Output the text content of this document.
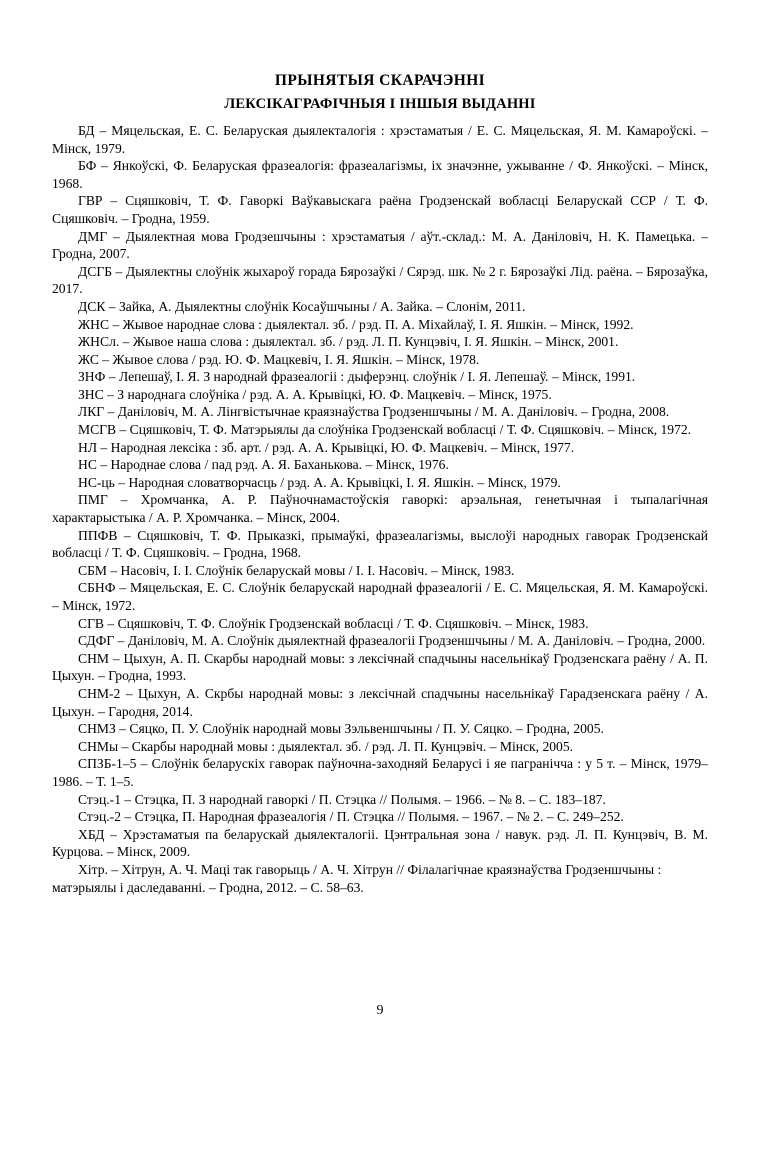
ПРЫНЯТЫЯ СКАРАЧЭННI
ЛЕКСІКАГРАФІЧНЫЯ І ІНШЫЯ ВЫДАННI

БД – Мяцельская, Е. С. Беларуская дыялекталогія : хрэстаматыя / Е. С. Мяцельская, Я. М. Камароўскі. – Мінск, 1979.

БФ – Янкоўскі, Ф. Беларуская фразеалогія: фразеалагізмы, іх значэнне, ужыванне / Ф. Янкоўскі. – Мінск, 1968.

ГВР – Сцяшковіч, Т. Ф. Гаворкі Ваўкавыскага раёна Гродзенскай вобласці Беларускай ССР / Т. Ф. Сцяшковіч. – Гродна, 1959.

ДМГ – Дыялектная мова Гродзешчыны : хрэстаматыя / аўт.-склад.: М. А. Даніловіч, Н. К. Памецька. – Гродна, 2007.

ДСГБ – Дыялектны слоўнік жыхароў горада Бярозаўкі / Сярэд. шк. № 2 г. Бярозаўкі Лід. раёна. – Бярозаўка, 2017.

ДСК – Зайка, А. Дыялектны слоўнік Косаўшчыны / А. Зайка. – Слонім, 2011.

ЖНС – Жывое народнае слова : дыялектал. зб. / рэд. П. А. Міхайлаў, І. Я. Яшкін. – Мінск, 1992.

ЖНСл. – Жывое наша слова : дыялектал. зб. / рэд. Л. П. Кунцэвіч, І. Я. Яшкін. – Мінск, 2001.

ЖС – Жывое слова / рэд. Ю. Ф. Мацкевіч, І. Я. Яшкін. – Мінск, 1978.

ЗНФ – Лепешаў, І. Я. З народнай фразеалогіі : дыферэнц. слоўнік / І. Я. Лепешаў. – Мінск, 1991.

ЗНС – З народнага слоўніка / рэд. А. А. Крывіцкі, Ю. Ф. Мацкевіч. – Мінск, 1975.

ЛКГ – Даніловіч, М. А. Лінгвістычнае краязнаўства Гродзеншчыны / М. А. Даніловіч. – Гродна, 2008.

МСГВ – Сцяшковіч, Т. Ф. Матэрыялы да слоўніка Гродзенскай вобласці / Т. Ф. Сцяшковіч. – Мінск, 1972.

НЛ – Народная лексіка : зб. арт. / рэд. А. А. Крывіцкі, Ю. Ф. Мацкевіч. – Мінск, 1977.

НС – Народнае слова / пад рэд. А. Я. Баханькова. – Мінск, 1976.

НС-ць – Народная словатворчасць / рэд. А. А. Крывіцкі, І. Я. Яшкін. – Мінск, 1979.

ПМГ – Хромчанка, А. Р. Паўночнамастоўскія гаворкі: арэальная, генетычная і тыпалагічная характарыстыка / А. Р. Хромчанка. – Мінск, 2004.

ППФВ – Сцяшковіч, Т. Ф. Прыказкі, прымаўкі, фразеалагізмы, выслоўі народных гаворак Гродзенскай вобласці / Т. Ф. Сцяшковіч. – Гродна, 1968.

СБМ – Насовіч, І. І. Слоўнік беларускай мовы / І. І. Насовіч. – Мінск, 1983.

СБНФ – Мяцельская, Е. С. Слоўнік беларускай народнай фразеалогіі / Е. С. Мяцельская, Я. М. Камароўскі. – Мінск, 1972.

СГВ – Сцяшковіч, Т. Ф. Слоўнік Гродзенскай вобласці / Т. Ф. Сцяшковіч. – Мінск, 1983.

СДФГ – Даніловіч, М. А. Слоўнік дыялектнай фразеалогіі Гродзеншчыны / М. А. Даніловіч. – Гродна, 2000.

СНМ – Цыхун, А. П. Скарбы народнай мовы: з лексічнай спадчыны насельнікаў Гродзенскага раёну / А. П. Цыхун. – Гродна, 1993.

СНМ-2 – Цыхун, А. Скрбы народнай мовы: з лексічнай спадчыны насельнікаў Гарадзенскага раёну / А. Цыхун. – Гародня, 2014.

СНМЗ – Сяцко, П. У. Слоўнік народнай мовы Зэльвеншчыны / П. У. Сяцко. – Гродна, 2005.

СНМы – Скарбы народнай мовы : дыялектал. зб. / рэд. Л. П. Кунцэвіч. – Мінск, 2005.

СПЗБ-1–5 – Слоўнік беларускіх гаворак паўночна-заходняй Беларусі і яе пагранічча : у 5 т. – Мінск, 1979–1986. – Т. 1–5.

Стэц.-1 – Стэцка, П. З народнай гаворкі / П. Стэцка // Полымя. – 1966. – № 8. – С. 183–187.

Стэц.-2 – Стэцка, П. Народная фразеалогія / П. Стэцка // Полымя. – 1967. – № 2. – С. 249–252.

ХБД – Хрэстаматыя па беларускай дыялекталогіі. Цэнтральная зона / навук. рэд. Л. П. Кунцэвіч, В. М. Курцова. – Мінск, 2009.

Хітр. – Хітрун, А. Ч. Маці так гаворыць / А. Ч. Хітрун // Філалагічнае краязнаўства Гродзеншчыны : матэрыялы і даследаванні. – Гродна, 2012. – С. 58–63.

9
